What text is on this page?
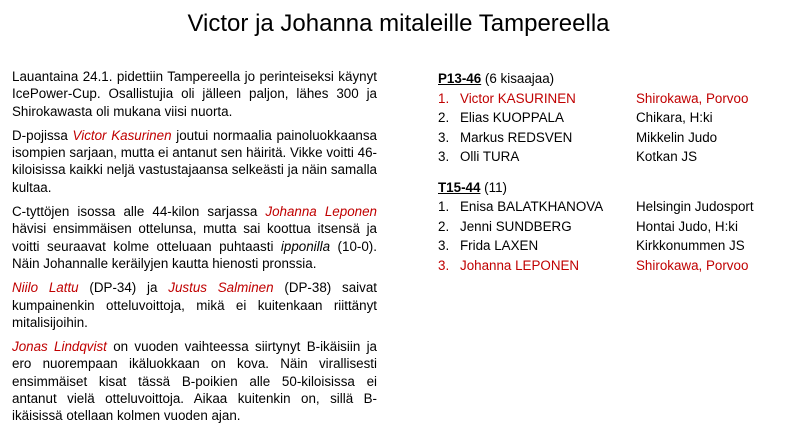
Victor ja Johanna mitaleille Tampereella

Lauantaina 24.1. pidettiin Tampereella jo perinteiseksi käynyt IcePower-Cup. Osallistujia oli jälleen paljon, lähes 300 ja Shirokawasta oli mukana viisi nuorta.

D-pojissa Victor Kasurinen joutui normaalia painoluokkaansa isompien sarjaan, mutta ei antanut sen häiritä. Vikke voitti 46-kiloisissa kaikki neljä vastustajaansa selkeästi ja näin samalla kultaa.

C-tyttöjen isossa alle 44-kilon sarjassa Johanna Leponen hävisi ensimmäisen ottelunsa, mutta sai koottua itsensä ja voitti seuraavat kolme otteluaan puhtaasti ipponilla (10-0). Näin Johannalle keräilyjen kautta hienosti pronssia.

Niilo Lattu (DP-34) ja Justus Salminen (DP-38) saivat kumpainenkin otteluvoittoja, mikä ei kuitenkaan riittänyt mitalisijoihin.

Jonas Lindqvist on vuoden vaihteessa siirtynyt B-ikäisiin ja ero nuorempaan ikäluokkaan on kova. Näin virallisesti ensimmäiset kisat tässä B-poikien alle 50-kiloisissa ei antanut vielä otteluvoittoja. Aikaa kuitenkin on, sillä B-ikäisissä otellaan kolmen vuoden ajan.

P13-46 (6 kisaajaa)
1. Victor KASURINEN	Shirokawa, Porvoo
2. Elias KUOPPALA	Chikara, H:ki
3. Markus REDSVEN	Mikkelin Judo
3. Olli TURA	Kotkan JS
T15-44 (11)
1. Enisa BALATKHANOVA	Helsingin Judosport
2. Jenni SUNDBERG	Hontai Judo, H:ki
3. Frida LAXEN	Kirkkonummen JS
3. Johanna LEPONEN	Shirokawa, Porvoo
